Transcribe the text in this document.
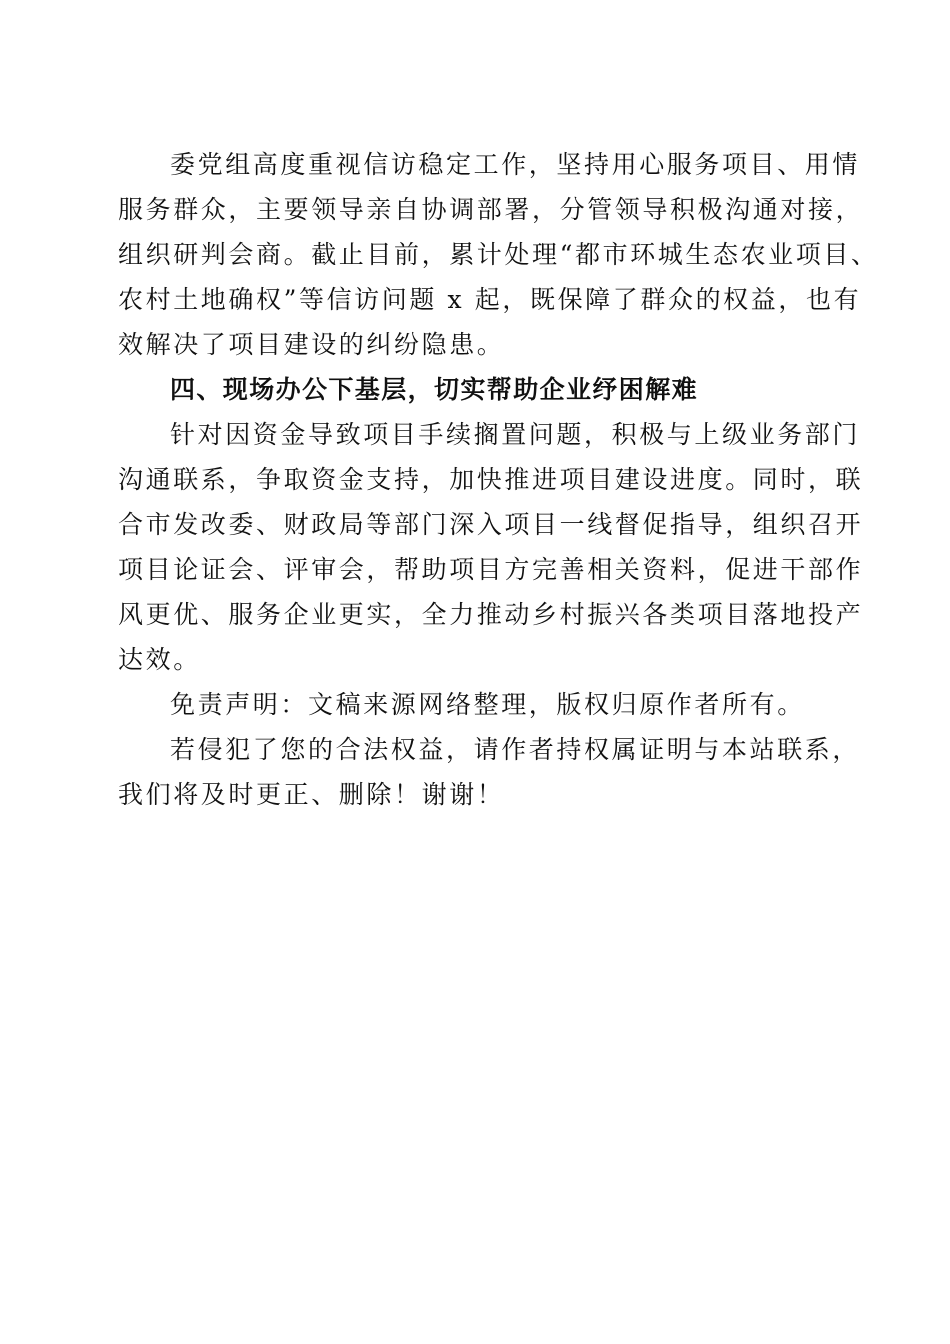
委党组高度重视信访稳定工作，坚持用心服务项目、用情
服务群众，主要领导亲自协调部署，分管领导积极沟通对接，
组织研判会商。截止目前，累计处理“都市环城生态农业项目、
农村土地确权”等信访问题 x 起，既保障了群众的权益，也有
效解决了项目建设的纠纷隐患。

四、现场办公下基层，切实帮助企业纾困解难

针对因资金导致项目手续搁置问题，积极与上级业务部门
沟通联系，争取资金支持，加快推进项目建设进度。同时，联
合市发改委、财政局等部门深入项目一线督促指导，组织召开
项目论证会、评审会，帮助项目方完善相关资料，促进干部作
风更优、服务企业更实，全力推动乡村振兴各类项目落地投产
达效。

免责声明：文稿来源网络整理，版权归原作者所有。

若侵犯了您的合法权益，请作者持权属证明与本站联系，
我们将及时更正、删除！谢谢！
